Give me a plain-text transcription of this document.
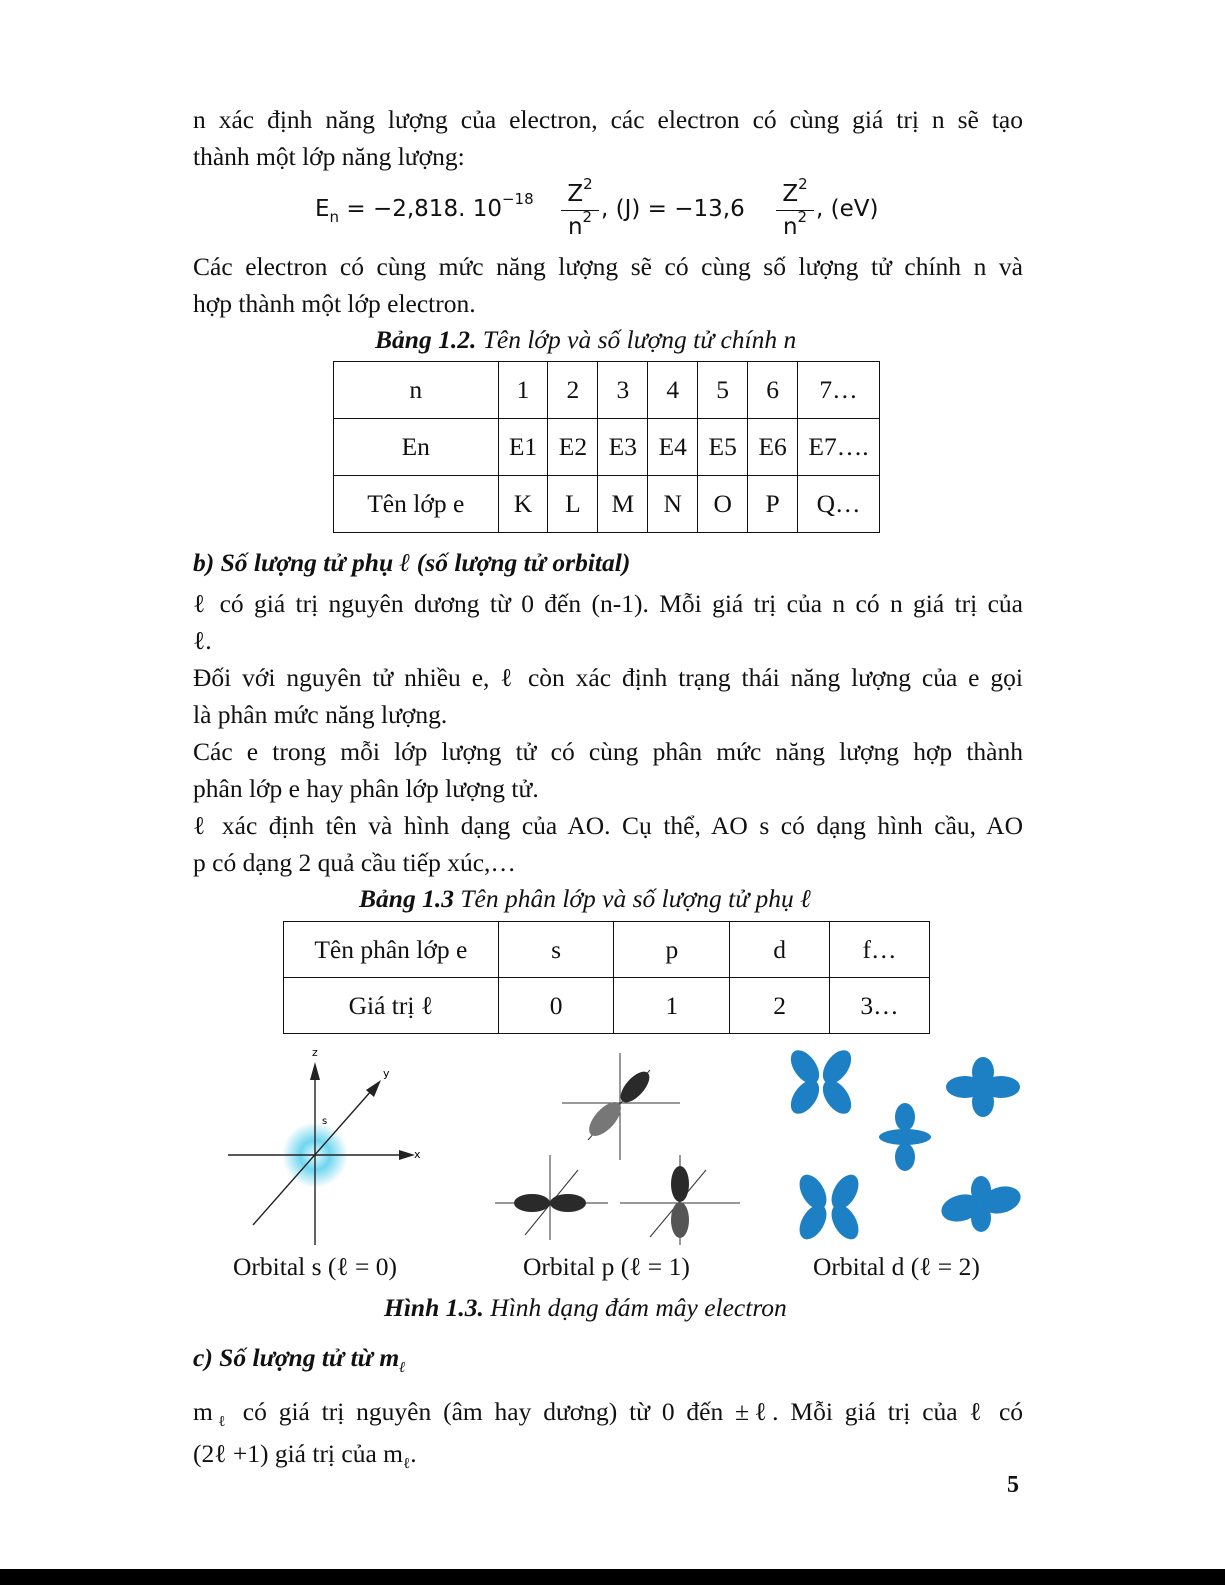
n xác định năng lượng của electron, các electron có cùng giá trị n sẽ tạo
thành một lớp năng lượng:
$E_n = -2,818$. $10^{-18}$	$Z^2$
$n^2$ , (J) = −13,6
$Z^2$
$n^2$ , (eV)
Các electron có cùng mức năng lượng sẽ có cùng số lượng tử chính n và
hợp thành một lớp electron.
Bảng 1.2. Tên lớp và số lượng tử chính n
n	1	2	3	4	5	6	7…
En	E1	E2	E3	E4	E5	E6	E7….
Tên lớp e	K	L	M	N	O	P	Q…
b) Số lượng tử phụ ℓ (số lượng tử orbital)
ℓ có giá trị nguyên dương từ 0 đến (n-1). Mỗi giá trị của n có n giá trị của
ℓ.
Đối với nguyên tử nhiều e, ℓ còn xác định trạng thái năng lượng của e gọi
là phân mức năng lượng.
Các e trong mỗi lớp lượng tử có cùng phân mức năng lượng hợp thành
phân lớp e hay phân lớp lượng tử.
ℓ xác định tên và hình dạng của AO. Cụ thể, AO s có dạng hình cầu, AO
p có dạng 2 quả cầu tiếp xúc,…
Bảng 1.3 Tên phân lớp và số lượng tử phụ ℓ
Tên phân lớp e	s	p	d	f…
Giá trị ℓ	0	1	2	3…
z
y
x
s
Orbital s (ℓ = 0)	Orbital p (ℓ = 1)	Orbital d (ℓ = 2)
Hình 1.3. Hình dạng đám mây electron
c) Số lượng tử từ $m_\ell$
$m_\ell$ có giá trị nguyên (âm hay dương) từ 0 đến ±ℓ. Mỗi giá trị của ℓ có
(2ℓ +1) giá trị của $m_\ell$.
5
